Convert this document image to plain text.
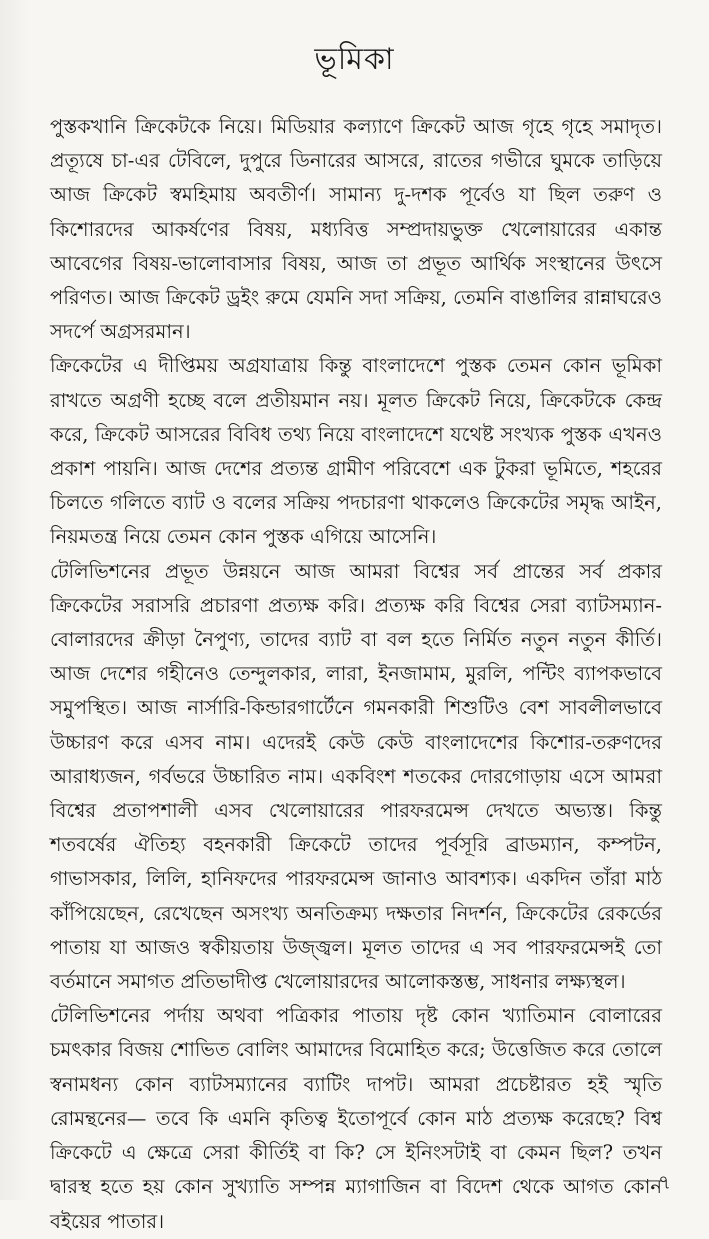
ভূমিকা

পুস্তকখানি ক্রিকেটকে নিয়ে। মিডিয়ার কল্যাণে ক্রিকেট আজ গৃহে গৃহে সমাদৃত। প্রত্যূষে চা-এর টেবিলে, দুপুরে ডিনারের আসরে, রাতের গভীরে ঘুমকে তাড়িয়ে আজ ক্রিকেট স্বমহিমায় অবতীর্ণ। সামান্য দু-দশক পূর্বেও যা ছিল তরুণ ও কিশোরদের আকর্ষণের বিষয়, মধ্যবিত্ত সম্প্রদায়ভুক্ত খেলোয়ারের একান্ত আবেগের বিষয়-ভালোবাসার বিষয়, আজ তা প্রভূত আর্থিক সংস্থানের উৎসে পরিণত। আজ ক্রিকেট ড্রইং রুমে যেমনি সদা সক্রিয়, তেমনি বাঙালির রান্নাঘরেও সদর্পে অগ্রসরমান।

ক্রিকেটের এ দীপ্তিময় অগ্রযাত্রায় কিন্তু বাংলাদেশে পুস্তক তেমন কোন ভূমিকা রাখতে অগ্রণী হচ্ছে বলে প্রতীয়মান নয়। মূলত ক্রিকেট নিয়ে, ক্রিকেটকে কেন্দ্র করে, ক্রিকেট আসরের বিবিধ তথ্য নিয়ে বাংলাদেশে যথেষ্ট সংখ্যক পুস্তক এখনও প্রকাশ পায়নি। আজ দেশের প্রত্যন্ত গ্রামীণ পরিবেশে এক টুকরা ভূমিতে, শহরের চিলতে গলিতে ব্যাট ও বলের সক্রিয় পদচারণা থাকলেও ক্রিকেটের সমৃদ্ধ আইন, নিয়মতন্ত্র নিয়ে তেমন কোন পুস্তক এগিয়ে আসেনি।

টেলিভিশনের প্রভূত উন্নয়নে আজ আমরা বিশ্বের সর্ব প্রান্তের সর্ব প্রকার ক্রিকেটের সরাসরি প্রচারণা প্রত্যক্ষ করি। প্রত্যক্ষ করি বিশ্বের সেরা ব্যাটসম্যান-বোলারদের ক্রীড়া নৈপুণ্য, তাদের ব্যাট বা বল হতে নির্মিত নতুন নতুন কীর্তি। আজ দেশের গহীনেও তেন্দুলকার, লারা, ইনজামাম, মুরলি, পন্টিং ব্যাপকভাবে সমুপস্থিত। আজ নার্সারি-কিন্ডারগার্টেনে গমনকারী শিশুটিও বেশ সাবলীলভাবে উচ্চারণ করে এসব নাম। এদেরই কেউ কেউ বাংলাদেশের কিশোর-তরুণদের আরাধ্যজন, গর্বভরে উচ্চারিত নাম। একবিংশ শতকের দোরগোড়ায় এসে আমরা বিশ্বের প্রতাপশালী এসব খেলোয়ারের পারফরমেন্স দেখতে অভ্যস্ত। কিন্তু শতবর্ষের ঐতিহ্য বহনকারী ক্রিকেটে তাদের পূর্বসূরি ব্রাডম্যান, কম্পটন, গাভাসকার, লিলি, হানিফদের পারফরমেন্স জানাও আবশ্যক। একদিন তাঁরা মাঠ কাঁপিয়েছেন, রেখেছেন অসংখ্য অনতিক্রম্য দক্ষতার নিদর্শন, ক্রিকেটের রেকর্ডের পাতায় যা আজও স্বকীয়তায় উজ্জ্বল। মূলত তাদের এ সব পারফরমেন্সই তো বর্তমানে সমাগত প্রতিভাদীপ্ত খেলোয়ারদের আলোকস্তম্ভ, সাধনার লক্ষ্যস্থল।

টেলিভিশনের পর্দায় অথবা পত্রিকার পাতায় দৃষ্ট কোন খ্যাতিমান বোলারের চমৎকার বিজয় শোভিত বোলিং আমাদের বিমোহিত করে; উত্তেজিত করে তোলে স্বনামধন্য কোন ব্যাটসম্যানের ব্যাটিং দাপট। আমরা প্রচেষ্টারত হই স্মৃতি রোমন্থনের— তবে কি এমনি কৃতিত্ব ইতোপূর্বে কোন মাঠ প্রত্যক্ষ করেছে? বিশ্ব ক্রিকেটে এ ক্ষেত্রে সেরা কীর্তিই বা কি? সে ইনিংসটাই বা কেমন ছিল? তখন দ্বারস্থ হতে হয় কোন সুখ্যাতি সম্পন্ন ম্যাগাজিন বা বিদেশ থেকে আগত কোন বইয়ের পাতার।

৭
